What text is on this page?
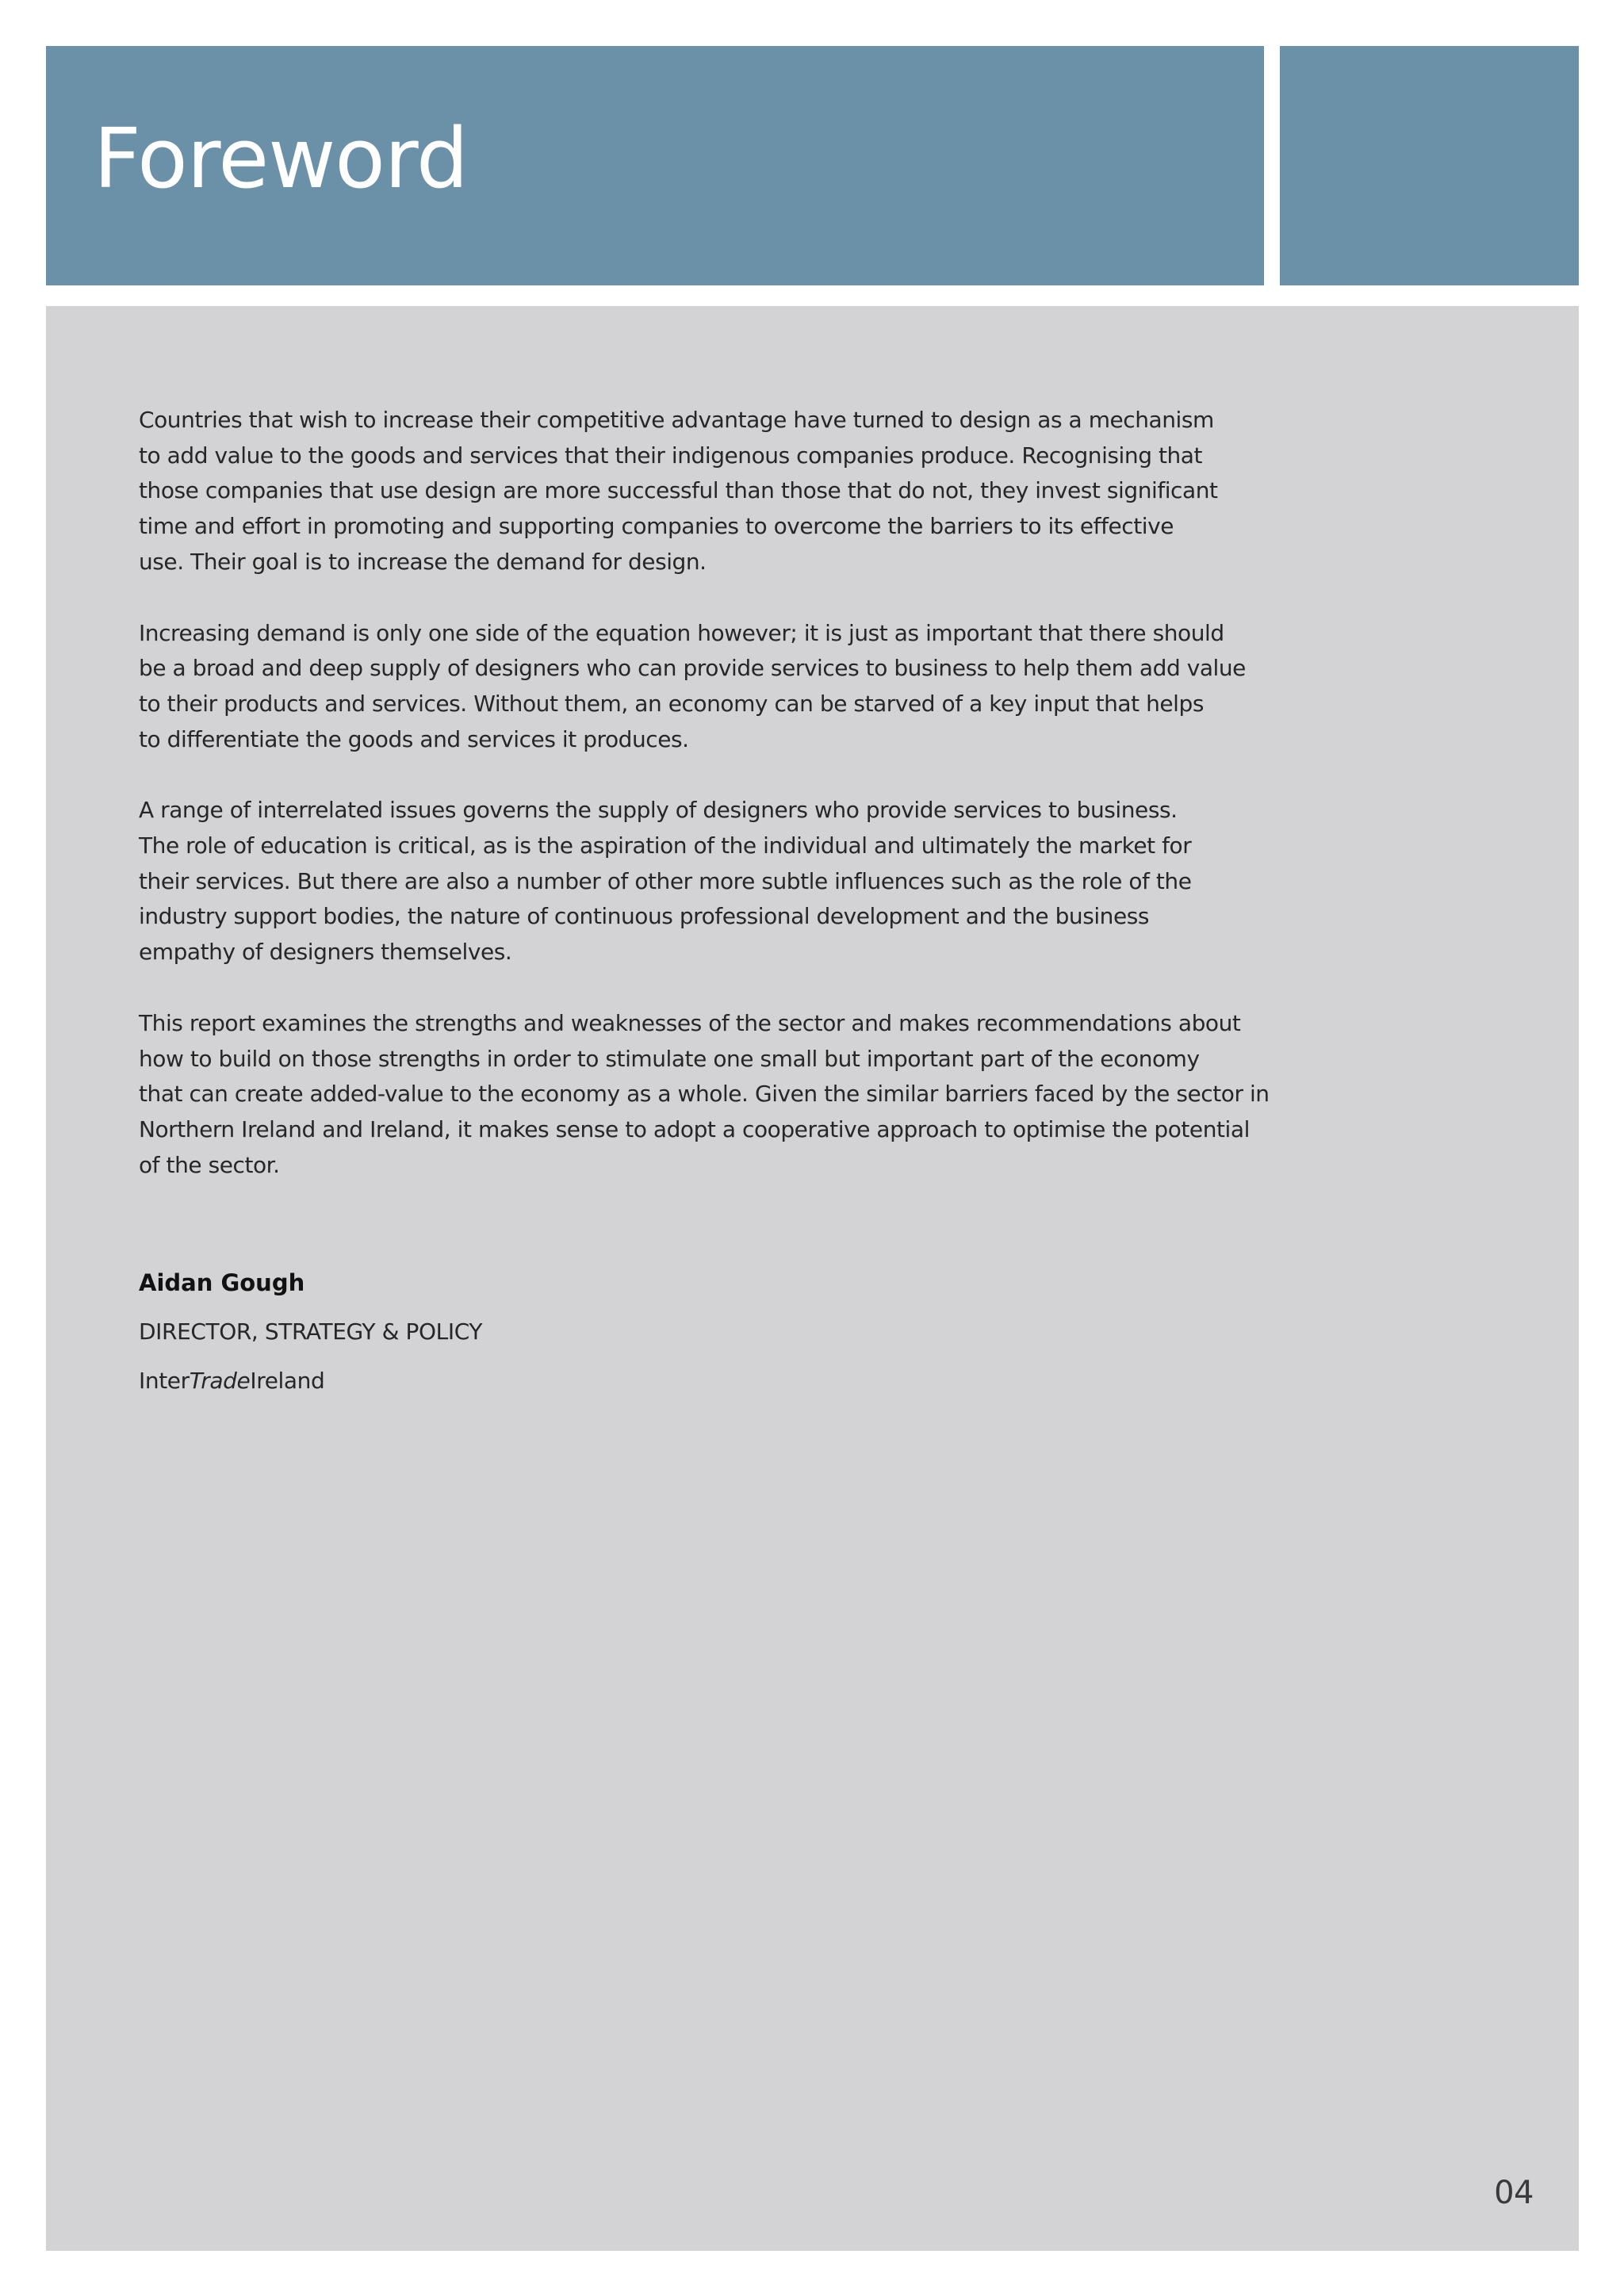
Foreword

Countries that wish to increase their competitive advantage have turned to design as a mechanism
to add value to the goods and services that their indigenous companies produce. Recognising that
those companies that use design are more successful than those that do not, they invest significant
time and effort in promoting and supporting companies to overcome the barriers to its effective
use. Their goal is to increase the demand for design.

Increasing demand is only one side of the equation however; it is just as important that there should
be a broad and deep supply of designers who can provide services to business to help them add value
to their products and services. Without them, an economy can be starved of a key input that helps
to differentiate the goods and services it produces.

A range of interrelated issues governs the supply of designers who provide services to business.
The role of education is critical, as is the aspiration of the individual and ultimately the market for
their services. But there are also a number of other more subtle influences such as the role of the
industry support bodies, the nature of continuous professional development and the business
empathy of designers themselves.

This report examines the strengths and weaknesses of the sector and makes recommendations about
how to build on those strengths in order to stimulate one small but important part of the economy
that can create added-value to the economy as a whole. Given the similar barriers faced by the sector in
Northern Ireland and Ireland, it makes sense to adopt a cooperative approach to optimise the potential
of the sector.

Aidan Gough
DIRECTOR, STRATEGY & POLICY
InterTradeIreland
04
